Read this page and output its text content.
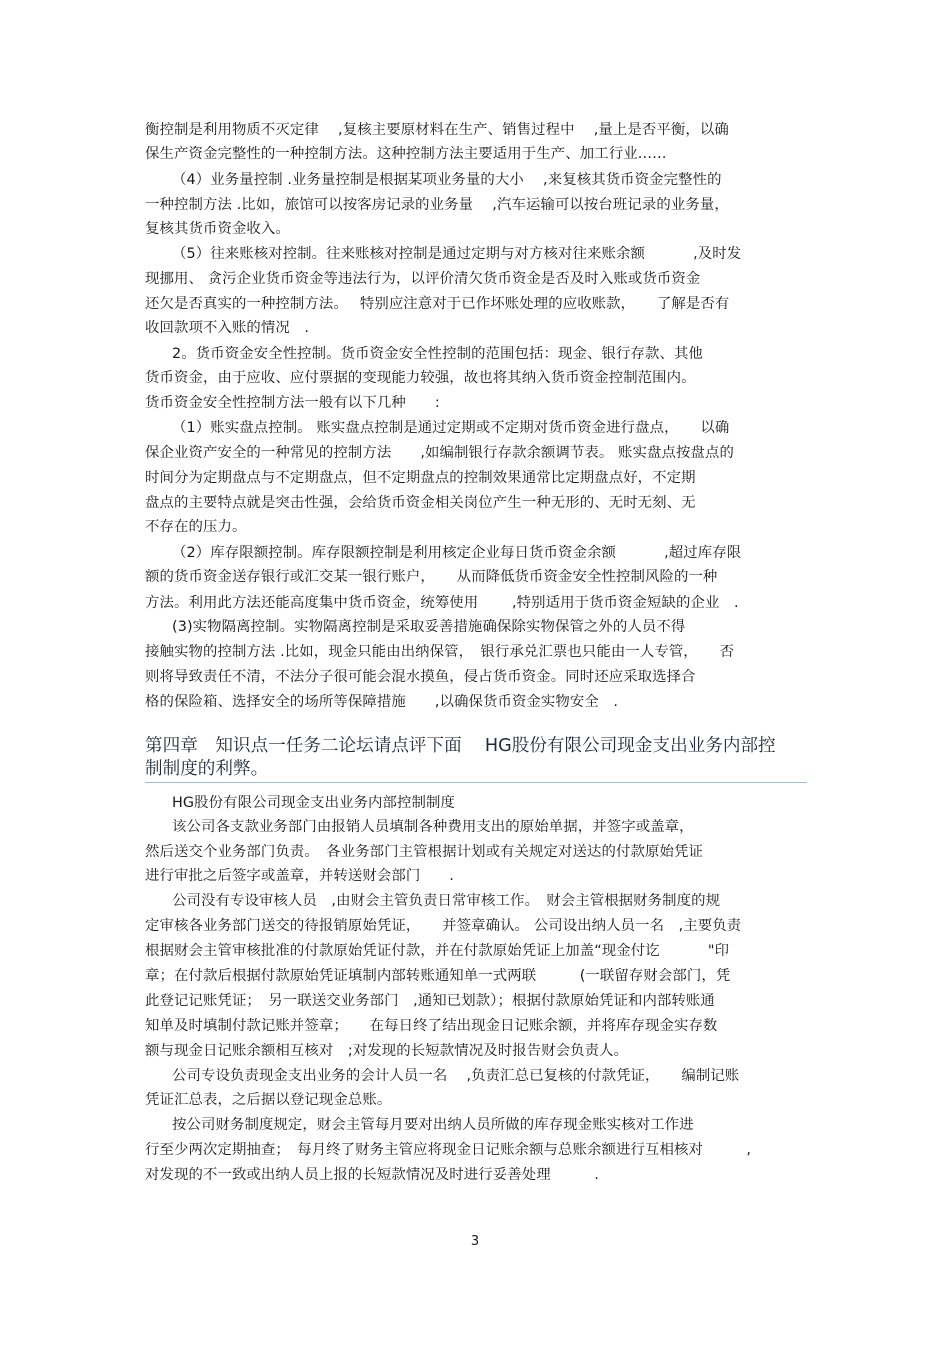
衡控制是利用物质不灭定律　 ,复核主要原材料在生产、销售过程中　 ,量上是否平衡，以确
保生产资金完整性的一种控制方法。这种控制方法主要适用于生产、加工行业……
（4）业务量控制 .业务量控制是根据某项业务量的大小　 ,来复核其货币资金完整性的
一种控制方法 .比如，旅馆可以按客房记录的业务量　 ,汽车运输可以按台班记录的业务量，
复核其货币资金收入。
（5）往来账核对控制。往来账核对控制是通过定期与对方核对往来账余额　　　 ,及时发
现挪用、 贪污企业货币资金等违法行为，以评价清欠货币资金是否及时入账或货币资金
还欠是否真实的一种控制方法。　 特别应注意对于已作坏账处理的应收账款，　　了解是否有
收回款项不入账的情况　.
2。货币资金安全性控制。货币资金安全性控制的范围包括：现金、银行存款、其他
货币资金，由于应收、应付票据的变现能力较强，故也将其纳入货币资金控制范围内。
货币资金安全性控制方法一般有以下几种　　:
（1）账实盘点控制。 账实盘点控制是通过定期或不定期对货币资金进行盘点，　　以确
保企业资产安全的一种常见的控制方法　　,如编制银行存款余额调节表。 账实盘点按盘点的
时间分为定期盘点与不定期盘点，但不定期盘点的控制效果通常比定期盘点好，不定期
盘点的主要特点就是突击性强，会给货币资金相关岗位产生一种无形的、无时无刻、无
不存在的压力。
（2）库存限额控制。库存限额控制是利用核定企业每日货币资金余额　　　 ,超过库存限
额的货币资金送存银行或汇交某一银行账户，　　从而降低货币资金安全性控制风险的一种
方法。利用此方法还能高度集中货币资金，统筹使用　　 ,特别适用于货币资金短缺的企业　.
(3)实物隔离控制。实物隔离控制是采取妥善措施确保除实物保管之外的人员不得
接触实物的控制方法 .比如，现金只能由出纳保管，　银行承兑汇票也只能由一人专管，　　否
则将导致责任不清，不法分子很可能会混水摸鱼，侵占货币资金。同时还应采取选择合
格的保险箱、选择安全的场所等保障措施　　,以确保货币资金实物安全　.
第四章　知识点一任务二论坛请点评下面　 HG股份有限公司现金支出业务内部控
制制度的利弊。
HG股份有限公司现金支出业务内部控制制度
该公司各支款业务部门由报销人员填制各种费用支出的原始单据，并签字或盖章，
然后送交个业务部门负责。　各业务部门主管根据计划或有关规定对送达的付款原始凭证
进行审批之后签字或盖章，并转送财会部门　　.
公司没有专设审核人员　,由财会主管负责日常审核工作。　财会主管根据财务制度的规
定审核各业务部门送交的待报销原始凭证，　　并签章确认。 公司设出纳人员一名　,主要负责
根据财会主管审核批准的付款原始凭证付款，并在付款原始凭证上加盖“现金付讫　　　 "印
章；在付款后根据付款原始凭证填制内部转账通知单一式两联　　　(一联留存财会部门，凭
此登记记账凭证；　另一联送交业务部门　,通知已划款）；根据付款原始凭证和内部转账通
知单及时填制付款记账并签章；　　在每日终了结出现金日记账余额，并将库存现金实存数
额与现金日记账余额相互核对　;对发现的长短款情况及时报告财会负责人。
公司专设负责现金支出业务的会计人员一名　 ,负责汇总已复核的付款凭证，　　编制记账
凭证汇总表，之后据以登记现金总账。
按公司财务制度规定，财会主管每月要对出纳人员所做的库存现金账实核对工作进
行至少两次定期抽查；　每月终了财务主管应将现金日记账余额与总账余额进行互相核对　　　,
对发现的不一致或出纳人员上报的长短款情况及时进行妥善处理　　　.
3
